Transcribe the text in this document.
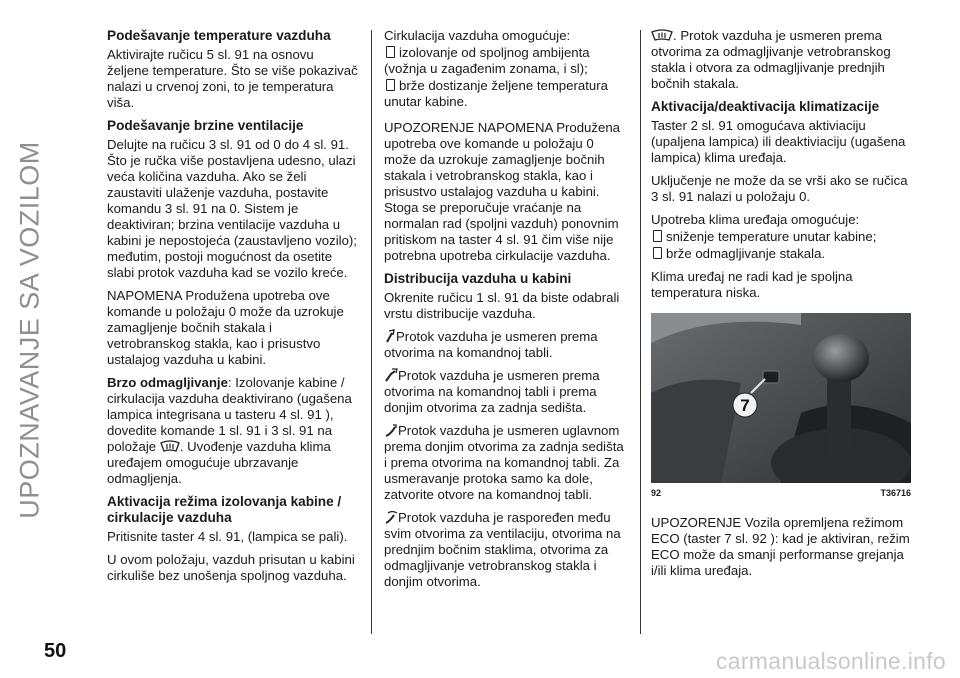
UPOZNAVANJE SA VOZILOM
Podešavanje temperature vazduha

Aktivirajte ručicu 5 sl. 91 na osnovu željene temperature. Što se više pokazivač nalazi u crvenoj zoni, to je temperatura viša.

Podešavanje brzine ventilacije

Delujte na ručicu 3 sl. 91 od 0 do 4 sl. 91. Što je ručka više postavljena udesno, ulazi veća količina vazduha. Ako se želi zaustaviti ulaženje vazduha, postavite komandu 3 sl. 91 na 0. Sistem je deaktiviran; brzina ventilacije vazduha u kabini je nepostojeća (zaustavljeno vozilo); međutim, postoji mogućnost da osetite slabi protok vazduha kad se vozilo kreće.

NAPOMENA Produžena upotreba ove komande u položaju 0 može da uzrokuje zamagljenje bočnih stakala i vetrobranskog stakla, kao i prisustvo ustalajog vazduha u kabini.

Brzo odmagljivanje: Izolovanje kabine / cirkulacija vazduha deaktivirano (ugašena lampica integrisana u tasteru 4 sl. 91 ), dovedite komande 1 sl. 91 i 3 sl. 91 na položaje . Uvođenje vazduha klima uređajem omogućuje ubrzavanje odmagljenja.

Aktivacija režima izolovanja kabine / cirkulacije vazduha

Pritisnite taster 4 sl. 91, (lampica se pali).

U ovom položaju, vazduh prisutan u kabini cirkuliše bez unošenja spoljnog vazduha.

Cirkulacija vazduha omogućuje:

izolovanje od spoljnog ambijenta (vožnja u zagađenim zonama, i sl);

brže dostizanje željene temperatura unutar kabine.

UPOZORENJE NAPOMENA Produžena upotreba ove komande u položaju 0 može da uzrokuje zamagljenje bočnih stakala i vetrobranskog stakla, kao i prisustvo ustalajog vazduha u kabini. Stoga se preporučuje vraćanje na normalan rad (spoljni vazduh) ponovnim pritiskom na taster 4 sl. 91 čim više nije potrebna upotreba cirkulacije vazduha.

Distribucija vazduha u kabini

Okrenite ručicu 1 sl. 91 da biste odabrali vrstu distribucije vazduha.

Protok vazduha je usmeren prema otvorima na komandnoj tabli.

Protok vazduha je usmeren prema otvorima na komandnoj tabli i prema donjim otvorima za zadnja sedišta.

Protok vazduha je usmeren uglavnom prema donjim otvorima za zadnja sedišta i prema otvorima na komandnoj tabli. Za usmeravanje protoka samo ka dole, zatvorite otvore na komandnoj tabli.

Protok vazduha je raspoređen među svim otvorima za ventilaciju, otvorima na prednjim bočnim staklima, otvorima za odmagljivanje vetrobranskog stakla i donjim otvorima.

. Protok vazduha je usmeren prema otvorima za odmagljivanje vetrobranskog stakla i otvora za odmagljivanje prednjih bočnih stakala.

Aktivacija/deaktivacija klimatizacije

Taster 2 sl. 91 omogućava aktiviaciju (upaljena lampica) ili deaktiviaciju (ugašena lampica) klima uređaja.

Uključenje ne može da se vrši ako se ručica 3 sl. 91 nalazi u položaju 0.

Upotreba klima uređaja omogućuje:

sniženje temperature unutar kabine;

brže odmagljivanje stakala.

Klima uređaj ne radi kad je spoljna temperatura niska.

7
92	T36716

UPOZORENJE Vozila opremljena režimom ECO (taster 7 sl. 92 ): kad je aktiviran, režim ECO može da smanji performanse grejanja i/ili klima uređaja.

50	carmanualsonline.info
